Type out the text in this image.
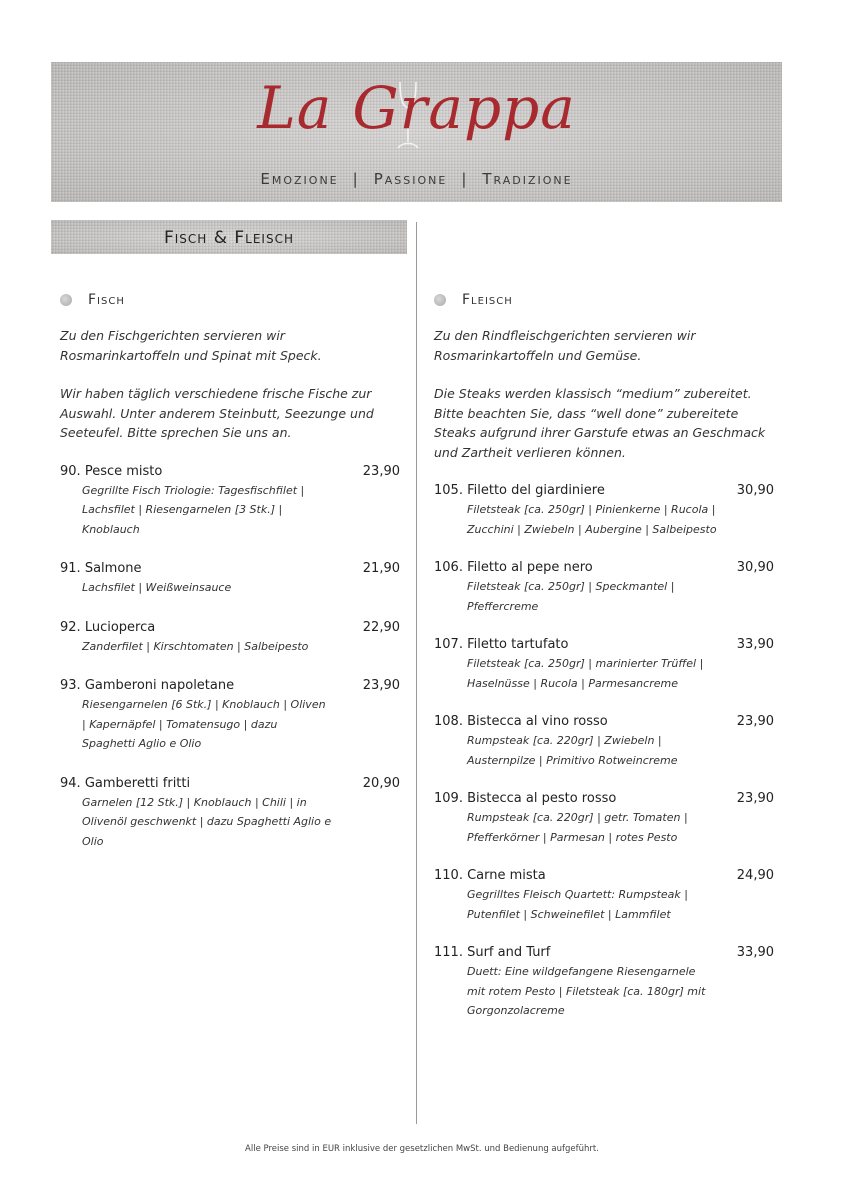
La Grappa
Emozione | Passione | Tradizione
Fisch & Fleisch
Fisch

Zu den Fischgerichten servieren wir Rosmarinkartoffeln und Spinat mit Speck.

Wir haben täglich verschiedene frische Fische zur Auswahl. Unter anderem Steinbutt, Seezunge und Seeteufel. Bitte sprechen Sie uns an.

90. Pesce misto	23,90
Gegrillte Fisch Triologie: Tagesfischfilet | Lachsfilet | Riesengarnelen [3 Stk.] | Knoblauch
91. Salmone	21,90
Lachsfilet | Weißweinsauce
92. Lucioperca	22,90
Zanderfilet | Kirschtomaten | Salbeipesto
93. Gamberoni napoletane	23,90
Riesengarnelen [6 Stk.] | Knoblauch | Oliven | Kapernäpfel | Tomatensugo | dazu Spaghetti Aglio e Olio
94. Gamberetti fritti	20,90
Garnelen [12 Stk.] | Knoblauch | Chili | in Olivenöl geschwenkt | dazu Spaghetti Aglio e Olio
Fleisch

Zu den Rindfleischgerichten servieren wir Rosmarinkartoffeln und Gemüse.

Die Steaks werden klassisch “medium” zubereitet. Bitte beachten Sie, dass “well done” zubereitete Steaks aufgrund ihrer Garstufe etwas an Geschmack und Zartheit verlieren können.

105. Filetto del giardiniere	30,90
Filetsteak [ca. 250gr] | Pinienkerne | Rucola | Zucchini | Zwiebeln | Aubergine | Salbeipesto
106. Filetto al pepe nero	30,90
Filetsteak [ca. 250gr] | Speckmantel | Pfeffercreme
107. Filetto tartufato	33,90
Filetsteak [ca. 250gr] | marinierter Trüffel | Haselnüsse | Rucola | Parmesancreme
108. Bistecca al vino rosso	23,90
Rumpsteak [ca. 220gr] | Zwiebeln | Austernpilze | Primitivo Rotweincreme
109. Bistecca al pesto rosso	23,90
Rumpsteak [ca. 220gr] | getr. Tomaten | Pfefferkörner | Parmesan | rotes Pesto
110. Carne mista	24,90
Gegrilltes Fleisch Quartett: Rumpsteak | Putenfilet | Schweinefilet | Lammfilet
111. Surf and Turf	33,90
Duett: Eine wildgefangene Riesengarnele mit rotem Pesto | Filetsteak [ca. 180gr] mit Gorgonzolacreme
Alle Preise sind in EUR inklusive der gesetzlichen MwSt. und Bedienung aufgeführt.
